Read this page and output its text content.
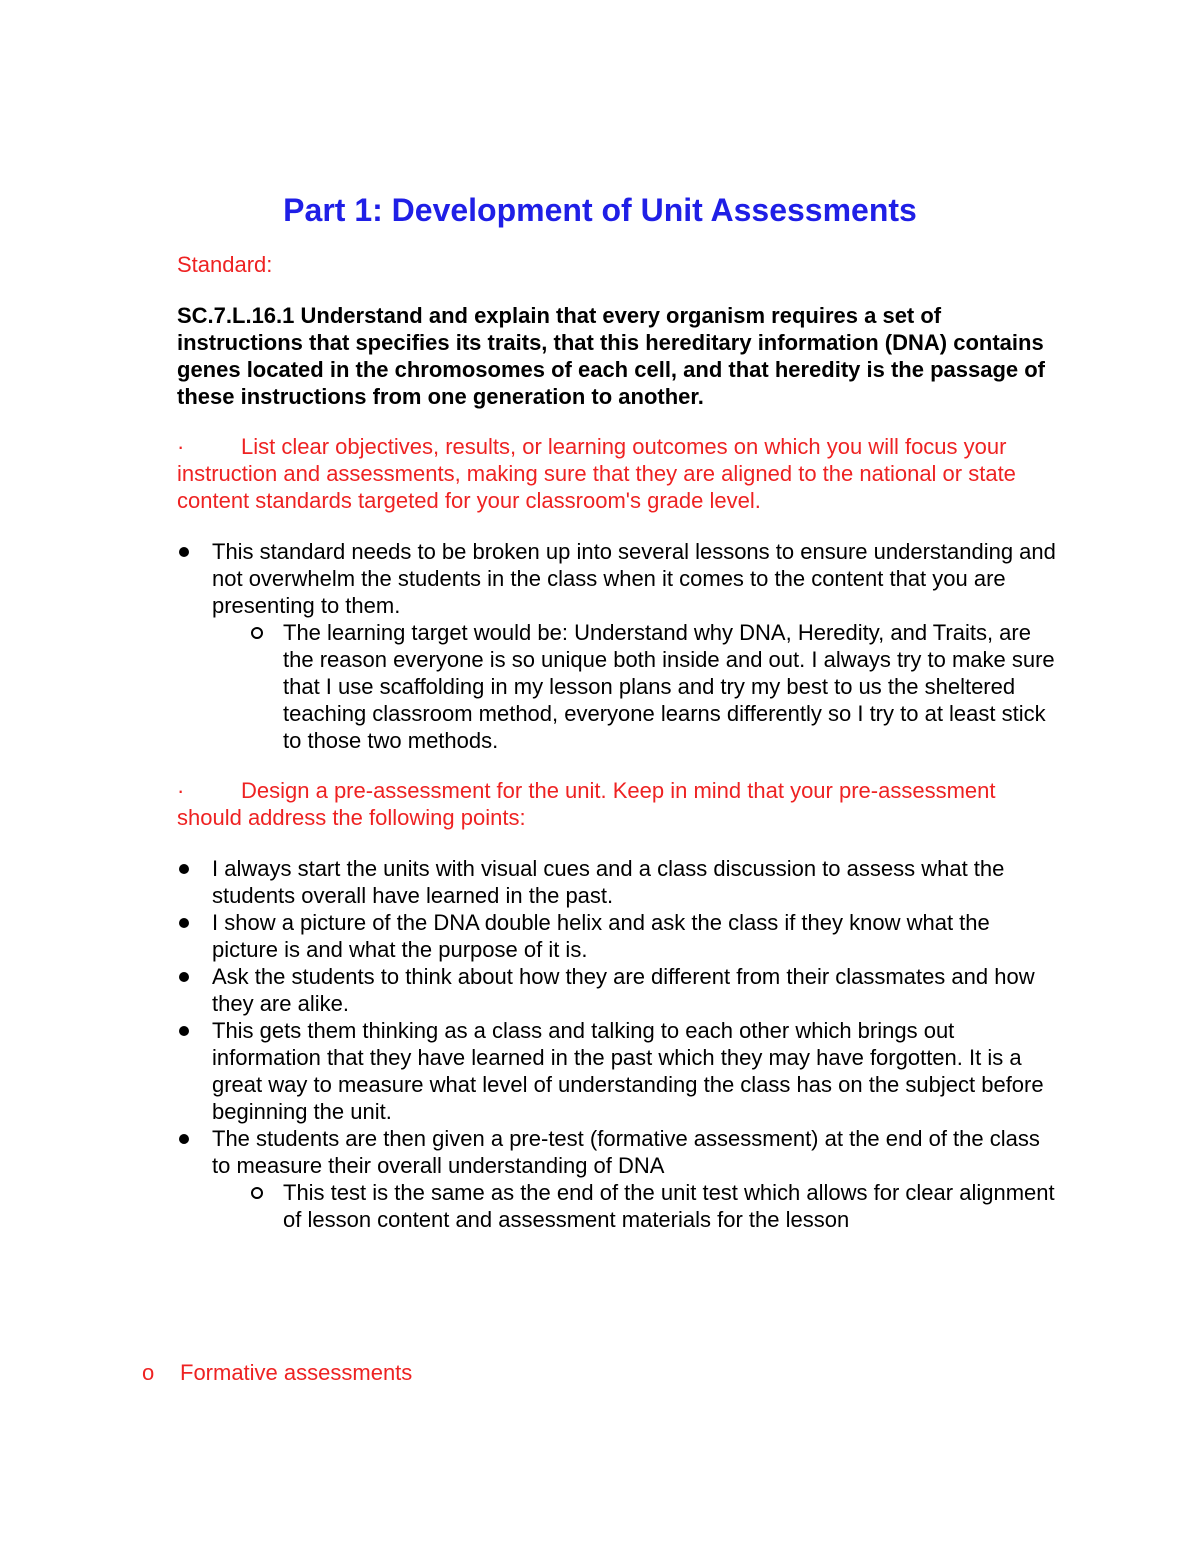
Part 1: Development of Unit Assessments
Standard:

SC.7.L.16.1 Understand and explain that every organism requires a set of instructions that specifies its traits, that this hereditary information (DNA) contains genes located in the chromosomes of each cell, and that heredity is the passage of these instructions from one generation to another.

·	List clear objectives, results, or learning outcomes on which you will focus your instruction and assessments, making sure that they are aligned to the national or state content standards targeted for your classroom's grade level.

This standard needs to be broken up into several lessons to ensure understanding and not overwhelm the students in the class when it comes to the content that you are presenting to them.
The learning target would be: Understand why DNA, Heredity, and Traits, are the reason everyone is so unique both inside and out. I always try to make sure that I use scaffolding in my lesson plans and try my best to us the sheltered teaching classroom method, everyone learns differently so I try to at least stick to those two methods.

·	Design a pre-assessment for the unit. Keep in mind that your pre-assessment should address the following points:

I always start the units with visual cues and a class discussion to assess what the students overall have learned in the past.
I show a picture of the DNA double helix and ask the class if they know what the picture is and what the purpose of it is.
Ask the students to think about how they are different from their classmates and how they are alike.
This gets them thinking as a class and talking to each other which brings out information that they have learned in the past which they may have forgotten. It is a great way to measure what level of understanding the class has on the subject before beginning the unit.
The students are then given a pre-test (formative assessment) at the end of the class to measure their overall understanding of DNA
This test is the same as the end of the unit test which allows for clear alignment of lesson content and assessment materials for the lesson
o Formative assessments
